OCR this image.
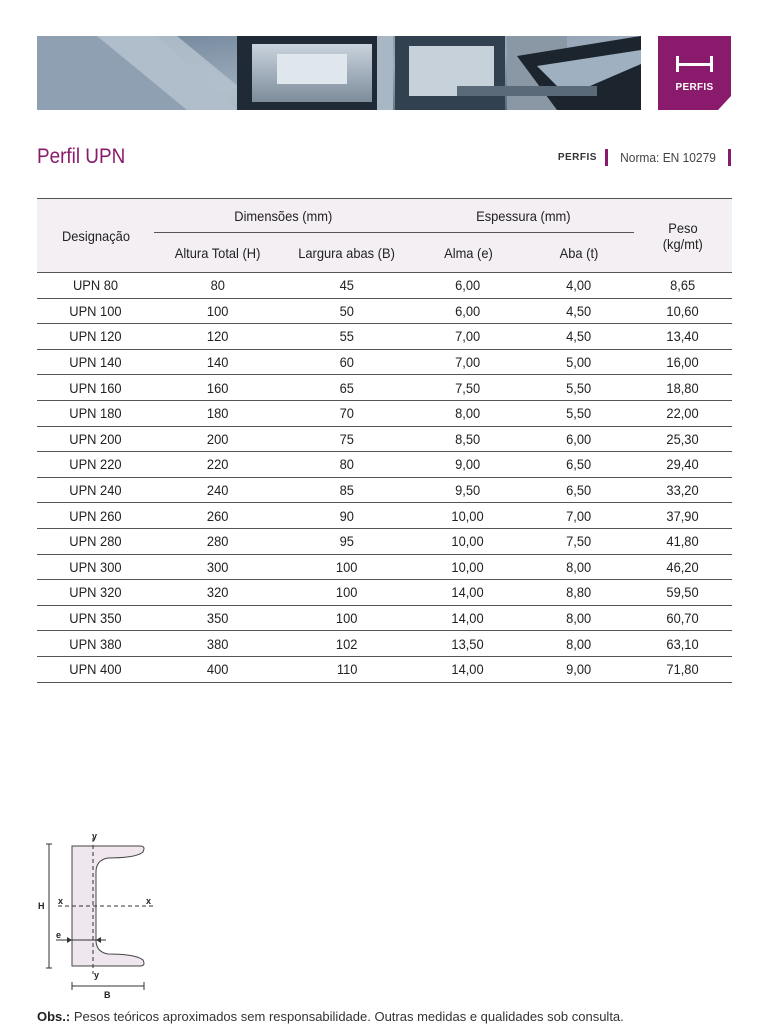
PERFIS
Perfil UPN	PERFIS Norma: EN 10279
Designação	Dimensões (mm)		Espessura (mm)		Peso
(kg/mt)
	Altura Total (H)	Largura abas (B)	Alma (e)	Aba (t)	
UPN 80	80	45	6,00	4,00	8,65
UPN 100	100	50	6,00	4,50	10,60
UPN 120	120	55	7,00	4,50	13,40
UPN 140	140	60	7,00	5,00	16,00
UPN 160	160	65	7,50	5,50	18,80
UPN 180	180	70	8,00	5,50	22,00
UPN 200	200	75	8,50	6,00	25,30
UPN 220	220	80	9,00	6,50	29,40
UPN 240	240	85	9,50	6,50	33,20
UPN 260	260	90	10,00	7,00	37,90
UPN 280	280	95	10,00	7,50	41,80
UPN 300	300	100	10,00	8,00	46,20
UPN 320	320	100	14,00	8,80	59,50
UPN 350	350	100	14,00	8,00	60,70
UPN 380	380	102	13,50	8,00	63,10
UPN 400	400	110	14,00	9,00	71,80
y
y
x	x
H
e
B
Obs.: Pesos teóricos aproximados sem responsabilidade. Outras medidas e qualidades sob consulta.
